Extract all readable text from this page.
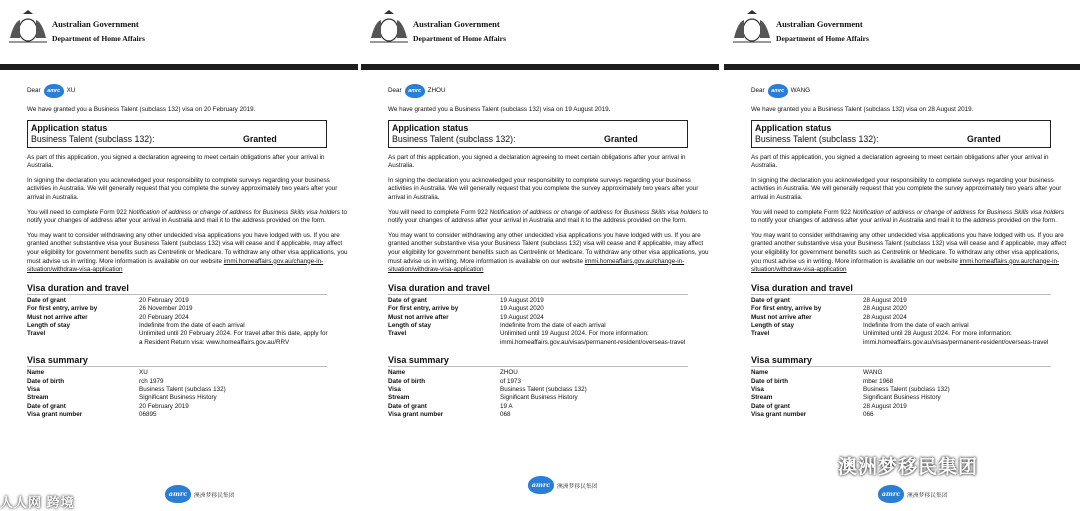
Australian Government
Department of Home Affairs
Dear	amrc	XU

We have granted you a Business Talent (subclass 132) visa on 20 February 2019.

Application status
Business Talent (subclass 132):	Granted

As part of this application, you signed a declaration agreeing to meet certain obligations after your arrival in Australia.

In signing the declaration you acknowledged your responsibility to complete surveys regarding your business activities in Australia. We will generally request that you complete the survey approximately two years after your arrival in Australia.

You will need to complete Form 922 Notification of address or change of address for Business Skills visa holders to notify your changes of address after your arrival in Australia and mail it to the address provided on the form.

You may want to consider withdrawing any other undecided visa applications you have lodged with us. If you are granted another substantive visa your Business Talent (subclass 132) visa will cease and if applicable, may affect your eligibility for government benefits such as Centrelink or Medicare. To withdraw any other visa applications, you must advise us in writing. More information is available on our website immi.homeaffairs.gov.au/change-in-situation/withdraw-visa-application

Visa duration and travel
Date of grant	20 February 2019
For first entry, arrive by	26 November 2019
Must not arrive after	20 February 2024
Length of stay	Indefinite from the date of each arrival
Travel	Unlimited until 20 February 2024. For travel after this date, apply for a Resident Return visa: www.homeaffairs.gov.au/RRV
Visa summary
Name	XU
Date of birth	rch 1979
Visa	Business Talent (subclass 132)
Stream	Significant Business History
Date of grant	20 February 2019
Visa grant number	06895
Australian Government
Department of Home Affairs
Dear	amrc	ZHOU

We have granted you a Business Talent (subclass 132) visa on 19 August 2019.

Application status
Business Talent (subclass 132):	Granted

As part of this application, you signed a declaration agreeing to meet certain obligations after your arrival in Australia.

In signing the declaration you acknowledged your responsibility to complete surveys regarding your business activities in Australia. We will generally request that you complete the survey approximately two years after your arrival in Australia.

You will need to complete Form 922 Notification of address or change of address for Business Skills visa holders to notify your changes of address after your arrival in Australia and mail it to the address provided on the form.

You may want to consider withdrawing any other undecided visa applications you have lodged with us. If you are granted another substantive visa your Business Talent (subclass 132) visa will cease and if applicable, may affect your eligibility for government benefits such as Centrelink or Medicare. To withdraw any other visa applications, you must advise us in writing. More information is available on our website immi.homeaffairs.gov.au/change-in-situation/withdraw-visa-application

Visa duration and travel
Date of grant	19 August 2019
For first entry, arrive by	19 August 2020
Must not arrive after	19 August 2024
Length of stay	Indefinite from the date of each arrival
Travel	Unlimited until 19 August 2024. For more information: immi.homeaffairs.gov.au/visas/permanent-resident/overseas-travel
Visa summary
Name	ZHOU
Date of birth	of 1973
Visa	Business Talent (subclass 132)
Stream	Significant Business History
Date of grant	19 A
Visa grant number	068
Australian Government
Department of Home Affairs
Dear	amrc	WANG

We have granted you a Business Talent (subclass 132) visa on 28 August 2019.

Application status
Business Talent (subclass 132):	Granted

As part of this application, you signed a declaration agreeing to meet certain obligations after your arrival in Australia.

In signing the declaration you acknowledged your responsibility to complete surveys regarding your business activities in Australia. We will generally request that you complete the survey approximately two years after your arrival in Australia.

You will need to complete Form 922 Notification of address or change of address for Business Skills visa holders to notify your changes of address after your arrival in Australia and mail it to the address provided on the form.

You may want to consider withdrawing any other undecided visa applications you have lodged with us. If you are granted another substantive visa your Business Talent (subclass 132) visa will cease and if applicable, may affect your eligibility for government benefits such as Centrelink or Medicare. To withdraw any other visa applications, you must advise us in writing. More information is available on our website immi.homeaffairs.gov.au/change-in-situation/withdraw-visa-application

Visa duration and travel
Date of grant	28 August 2019
For first entry, arrive by	28 August 2020
Must not arrive after	28 August 2024
Length of stay	Indefinite from the date of each arrival
Travel	Unlimited until 28 August 2024. For more information: immi.homeaffairs.gov.au/visas/permanent-resident/overseas-travel
Visa summary
Name	WANG
Date of birth	mber 1968
Visa	Business Talent (subclass 132)
Stream	Significant Business History
Date of grant	28 August 2019
Visa grant number	066
amrc	澳洲梦移民集团
amrc	澳洲梦移民集团
amrc	澳洲梦移民集团
人人网 跨境
澳洲梦移民集团
